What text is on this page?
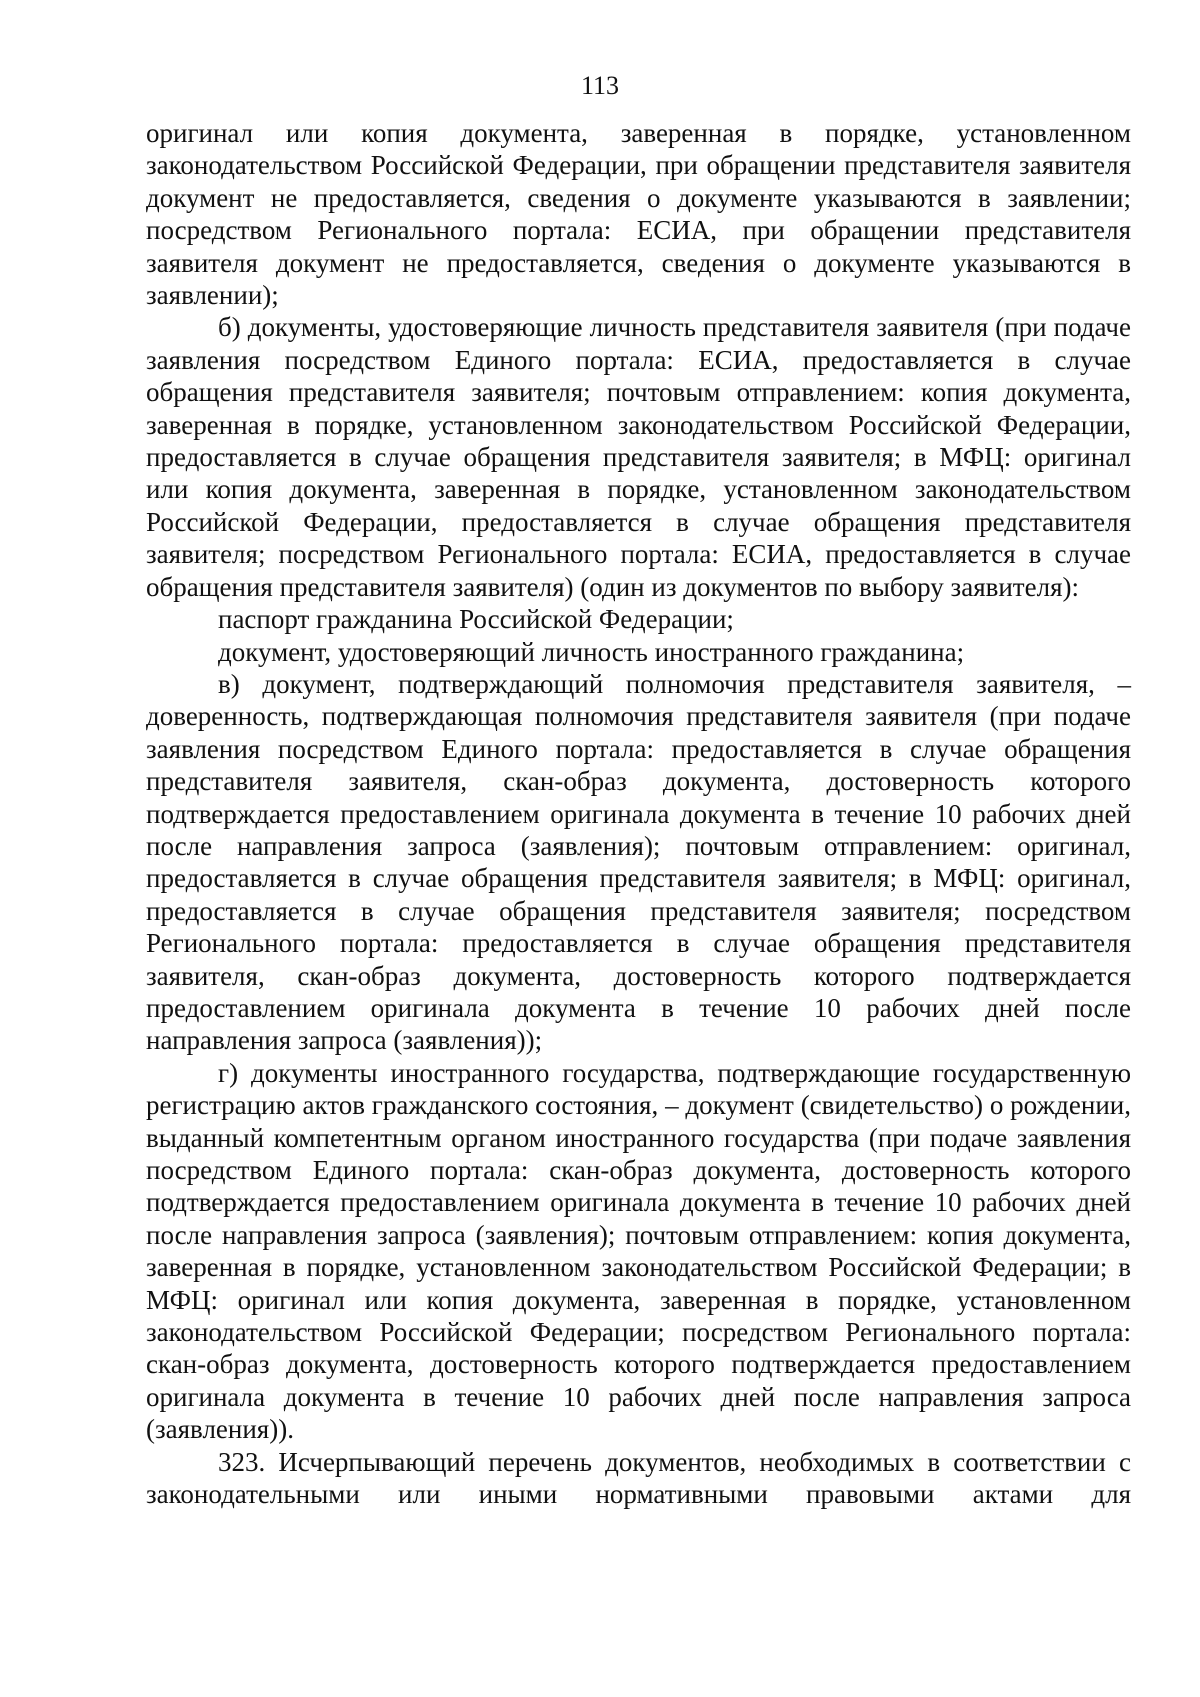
113

оригинал или копия документа, заверенная в порядке, установленном законодательством Российской Федерации, при обращении представителя заявителя документ не предоставляется, сведения о документе указываются в заявлении; посредством Регионального портала: ЕСИА, при обращении представителя заявителя документ не предоставляется, сведения о документе указываются в заявлении);

б) документы, удостоверяющие личность представителя заявителя (при подаче заявления посредством Единого портала: ЕСИА, предоставляется в случае обращения представителя заявителя; почтовым отправлением: копия документа, заверенная в порядке, установленном законодательством Российской Федерации, предоставляется в случае обращения представителя заявителя; в МФЦ: оригинал или копия документа, заверенная в порядке, установленном законодательством Российской Федерации, предоставляется в случае обращения представителя заявителя; посредством Регионального портала: ЕСИА, предоставляется в случае обращения представителя заявителя) (один из документов по выбору заявителя):

паспорт гражданина Российской Федерации;

документ, удостоверяющий личность иностранного гражданина;

в) документ, подтверждающий полномочия представителя заявителя, – доверенность, подтверждающая полномочия представителя заявителя (при подаче заявления посредством Единого портала: предоставляется в случае обращения представителя заявителя, скан-образ документа, достоверность которого подтверждается предоставлением оригинала документа в течение 10 рабочих дней после направления запроса (заявления); почтовым отправлением: оригинал, предоставляется в случае обращения представителя заявителя; в МФЦ: оригинал, предоставляется в случае обращения представителя заявителя; посредством Регионального портала: предоставляется в случае обращения представителя заявителя, скан-образ документа, достоверность которого подтверждается предоставлением оригинала документа в течение 10 рабочих дней после направления запроса (заявления));

г) документы иностранного государства, подтверждающие государственную регистрацию актов гражданского состояния, – документ (свидетельство) о рождении, выданный компетентным органом иностранного государства (при подаче заявления посредством Единого портала: скан-образ документа, достоверность которого подтверждается предоставлением оригинала документа в течение 10 рабочих дней после направления запроса (заявления); почтовым отправлением: копия документа, заверенная в порядке, установленном законодательством Российской Федерации; в МФЦ: оригинал или копия документа, заверенная в порядке, установленном законодательством Российской Федерации; посредством Регионального портала: скан-образ документа, достоверность которого подтверждается предоставлением оригинала документа в течение 10 рабочих дней после направления запроса (заявления)).

323. Исчерпывающий перечень документов, необходимых в соответствии с законодательными или иными нормативными правовыми актами для
